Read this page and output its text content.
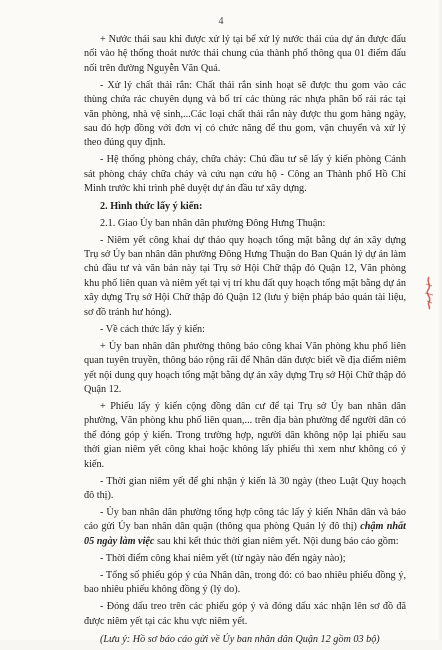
4

+ Nước thải sau khi được xử lý tại bể xử lý nước thải của dự án được đấu nối vào hệ thống thoát nước thải chung của thành phố thông qua 01 điểm đấu nối trên đường Nguyễn Văn Quá.

- Xử lý chất thải rắn: Chất thải rắn sinh hoạt sẽ được thu gom vào các thùng chứa rác chuyên dụng và bố trí các thùng rác nhựa phân bố rải rác tại văn phòng, nhà vệ sinh,...Các loại chất thải rắn này được thu gom hàng ngày, sau đó hợp đồng với đơn vị có chức năng để thu gom, vận chuyển và xử lý theo đúng quy định.

- Hệ thống phòng cháy, chữa cháy: Chủ đầu tư sẽ lấy ý kiến phòng Cảnh sát phòng cháy chữa cháy và cứu nạn cứu hộ - Công an Thành phố Hồ Chí Minh trước khi trình phê duyệt dự án đầu tư xây dựng.

2. Hình thức lấy ý kiến:

2.1. Giao Ủy ban nhân dân phường Đông Hưng Thuận:

- Niêm yết công khai dự thảo quy hoạch tổng mặt bằng dự án xây dựng Trụ sở Ủy ban nhân dân phường Đông Hưng Thuận do Ban Quản lý dự án làm chủ đầu tư và văn bản này tại Trụ sở Hội Chữ thập đỏ Quận 12, Văn phòng khu phố liên quan và niêm yết tại vị trí khu đất quy hoạch tổng mặt bằng dự án xây dựng Trụ sở Hội Chữ thập đỏ Quận 12 (lưu ý biện pháp bảo quản tài liệu, sơ đồ tránh hư hỏng).

- Về cách thức lấy ý kiến:

+ Ủy ban nhân dân phường thông báo công khai Văn phòng khu phố liên quan tuyên truyền, thông báo rộng rãi để Nhân dân được biết về địa điểm niêm yết nội dung quy hoạch tổng mặt bằng dự án xây dựng Trụ sở Hội Chữ thập đỏ Quận 12.

+ Phiếu lấy ý kiến cộng đồng dân cư để tại Trụ sở Ủy ban nhân dân phường, Văn phòng khu phố liên quan,... trên địa bàn phường để người dân có thể đóng góp ý kiến. Trong trường hợp, người dân không nộp lại phiếu sau thời gian niêm yết công khai hoặc không lấy phiếu thì xem như không có ý kiến.

- Thời gian niêm yết để ghi nhận ý kiến là 30 ngày (theo Luật Quy hoạch đô thị).

- Ủy ban nhân dân phường tổng hợp công tác lấy ý kiến Nhân dân và báo cáo gửi Ủy ban nhân dân quận (thông qua phòng Quản lý đô thị) chậm nhất 05 ngày làm việc sau khi kết thúc thời gian niêm yết. Nội dung báo cáo gồm:

- Thời điểm công khai niêm yết (từ ngày nào đến ngày nào);

- Tổng số phiếu góp ý của Nhân dân, trong đó: có bao nhiêu phiếu đồng ý, bao nhiêu phiếu không đồng ý (lý do).

- Đóng dấu treo trên các phiếu góp ý và đóng dấu xác nhận lên sơ đồ đã được niêm yết tại các khu vực niêm yết.

(Lưu ý: Hồ sơ báo cáo gửi về Ủy ban nhân dân Quận 12 gồm 03 bộ)
